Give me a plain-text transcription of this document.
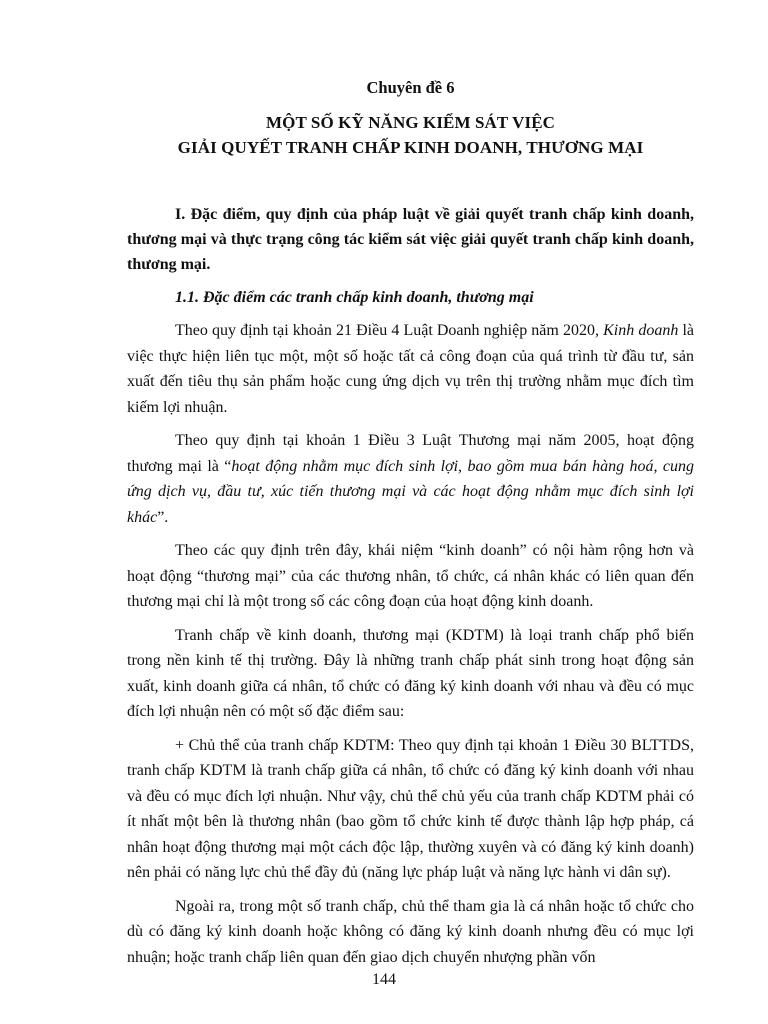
Chuyên đề 6

MỘT SỐ KỸ NĂNG KIỂM SÁT VIỆC

GIẢI QUYẾT TRANH CHẤP KINH DOANH, THƯƠNG MẠI

I. Đặc điểm, quy định của pháp luật về giải quyết tranh chấp kinh doanh, thương mại và thực trạng công tác kiểm sát việc giải quyết tranh chấp kinh doanh, thương mại.

1.1. Đặc điểm các tranh chấp kinh doanh, thương mại

Theo quy định tại khoản 21 Điều 4 Luật Doanh nghiệp năm 2020, Kinh doanh là việc thực hiện liên tục một, một số hoặc tất cả công đoạn của quá trình từ đầu tư, sản xuất đến tiêu thụ sản phẩm hoặc cung ứng dịch vụ trên thị trường nhằm mục đích tìm kiếm lợi nhuận.

Theo quy định tại khoản 1 Điều 3 Luật Thương mại năm 2005, hoạt động thương mại là “hoạt động nhằm mục đích sinh lợi, bao gồm mua bán hàng hoá, cung ứng dịch vụ, đầu tư, xúc tiến thương mại và các hoạt động nhằm mục đích sinh lợi khác”.

Theo các quy định trên đây, khái niệm “kinh doanh” có nội hàm rộng hơn và hoạt động “thương mại” của các thương nhân, tổ chức, cá nhân khác có liên quan đến thương mại chỉ là một trong số các công đoạn của hoạt động kinh doanh.

Tranh chấp về kinh doanh, thương mại (KDTM) là loại tranh chấp phổ biến trong nền kinh tế thị trường. Đây là những tranh chấp phát sinh trong hoạt động sản xuất, kinh doanh giữa cá nhân, tổ chức có đăng ký kinh doanh với nhau và đều có mục đích lợi nhuận nên có một số đặc điểm sau:

+ Chủ thể của tranh chấp KDTM: Theo quy định tại khoản 1 Điều 30 BLTTDS, tranh chấp KDTM là tranh chấp giữa cá nhân, tổ chức có đăng ký kinh doanh với nhau và đều có mục đích lợi nhuận. Như vậy, chủ thể chủ yếu của tranh chấp KDTM phải có ít nhất một bên là thương nhân (bao gồm tổ chức kinh tế được thành lập hợp pháp, cá nhân hoạt động thương mại một cách độc lập, thường xuyên và có đăng ký kinh doanh) nên phải có năng lực chủ thể đầy đủ (năng lực pháp luật và năng lực hành vi dân sự).

Ngoài ra, trong một số tranh chấp, chủ thể tham gia là cá nhân hoặc tổ chức cho dù có đăng ký kinh doanh hoặc không có đăng ký kinh doanh nhưng đều có mục lợi nhuận; hoặc tranh chấp liên quan đến giao dịch chuyển nhượng phần vốn

144
